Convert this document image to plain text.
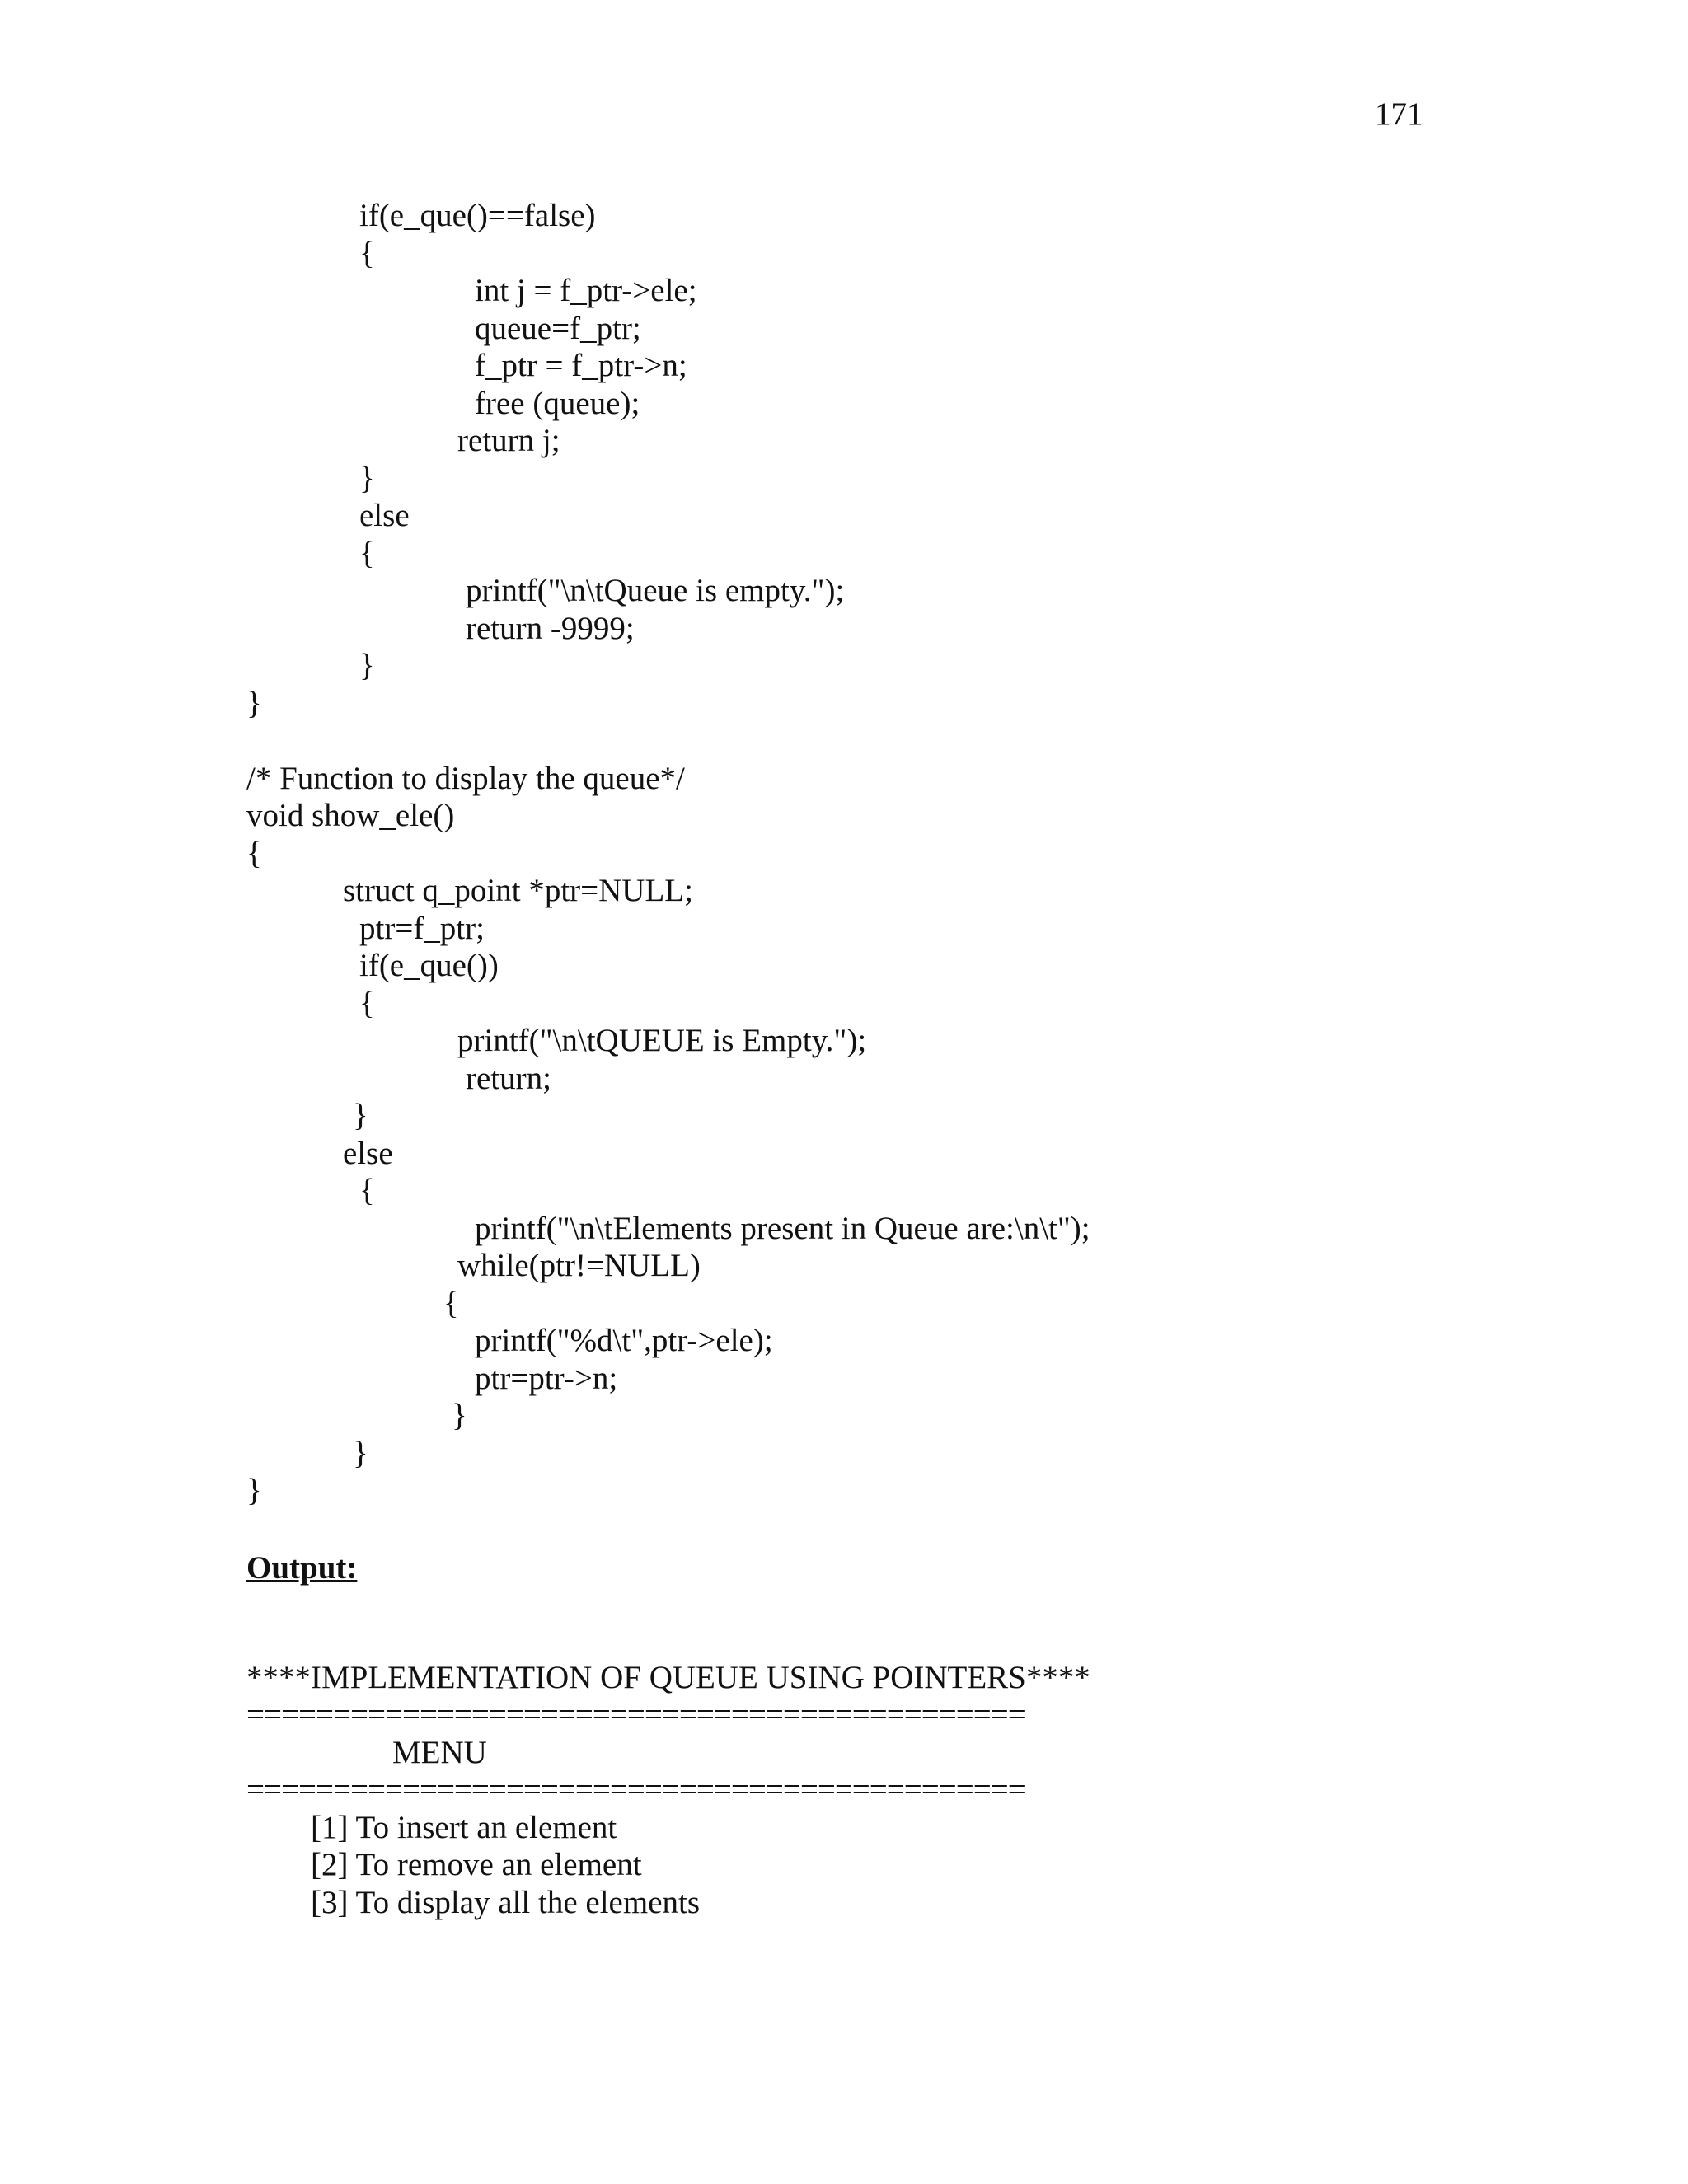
171
if(e_que()==false)
{
int j = f_ptr->ele;
queue=f_ptr;
f_ptr = f_ptr->n;
free (queue);
return j;
}
else
{
printf("\n\tQueue is empty.");
return -9999;
}
}
/* Function to display the queue*/
void show_ele()
{
struct q_point *ptr=NULL;
ptr=f_ptr;
if(e_que())
{
printf("\n\tQUEUE is Empty.");
return;
}
else
{
printf("\n\tElements present in Queue are:\n\t");
while(ptr!=NULL)
{
printf("%d\t",ptr->ele);
ptr=ptr->n;
}
}
}
Output:
****IMPLEMENTATION OF QUEUE USING POINTERS****
=============================================
MENU
=============================================
[1] To insert an element
[2] To remove an element
[3] To display all the elements
